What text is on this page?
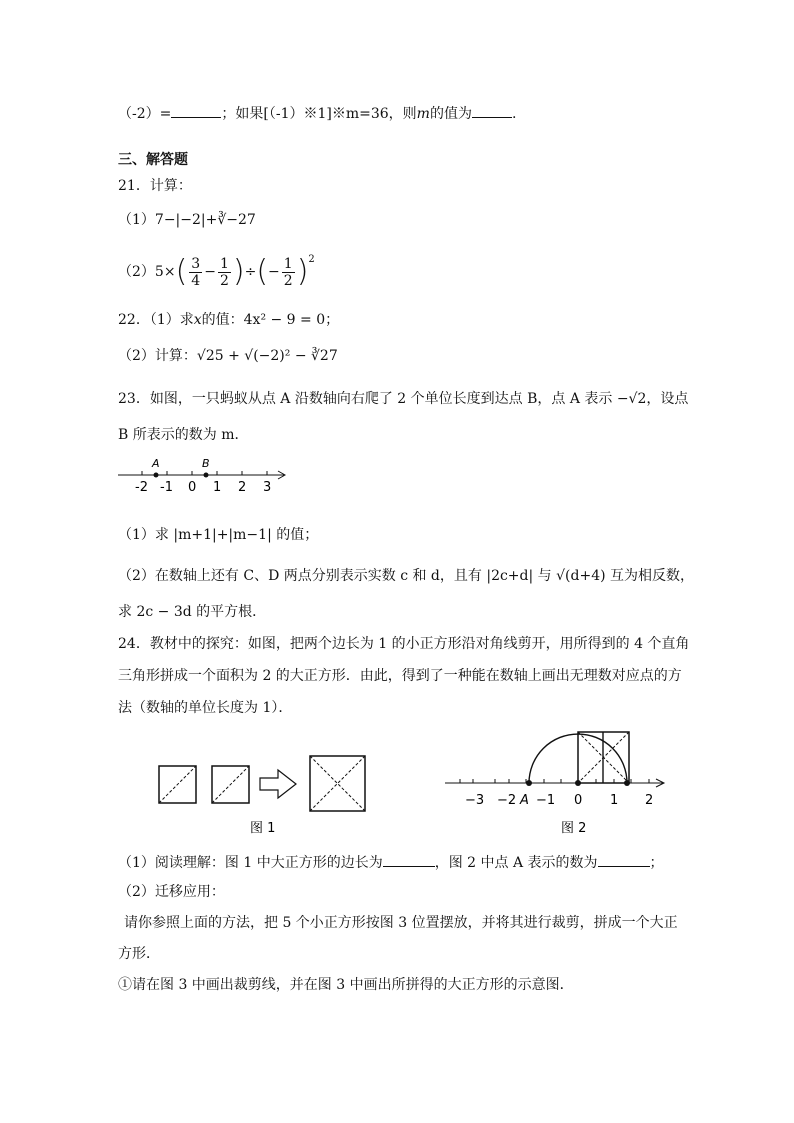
（-2）=	；如果[（-1）※1]※m=36，则m的值为	.
三、解答题
21．计算：
（1）7−|−2|+∛−27
（2） 5× ( $\frac{3}{4} - \frac{1}{2}$ ) ÷ ( − $\frac{1}{2}$ ) 2
22．（1）求x的值：4x² − 9 = 0；
（2）计算：√25 + √(−2)² − ∛27
23．如图，一只蚂蚁从点 A 沿数轴向右爬了 2 个单位长度到达点 B，点 A 表示 −√2，设点
B 所表示的数为 m．
A	B
-2 -1 0 1 2 3
（1）求 |m+1|+|m−1| 的值；
（2）在数轴上还有 C、D 两点分别表示实数 c 和 d，且有 |2c+d| 与 √(d+4) 互为相反数，
求 2c − 3d 的平方根．
24．教材中的探究：如图，把两个边长为 1 的小正方形沿对角线剪开，用所得到的 4 个直角
三角形拼成一个面积为 2 的大正方形．由此，得到了一种能在数轴上画出无理数对应点的方
法（数轴的单位长度为 1）．
图 1
−3 −2 A −1 0 1 2
图 2
（1）阅读理解：图 1 中大正方形的边长为	，图 2 中点 A 表示的数为	；
（2）迁移应用：
请你参照上面的方法，把 5 个小正方形按图 3 位置摆放，并将其进行裁剪，拼成一个大正
方形．
①请在图 3 中画出裁剪线，并在图 3 中画出所拼得的大正方形的示意图．
